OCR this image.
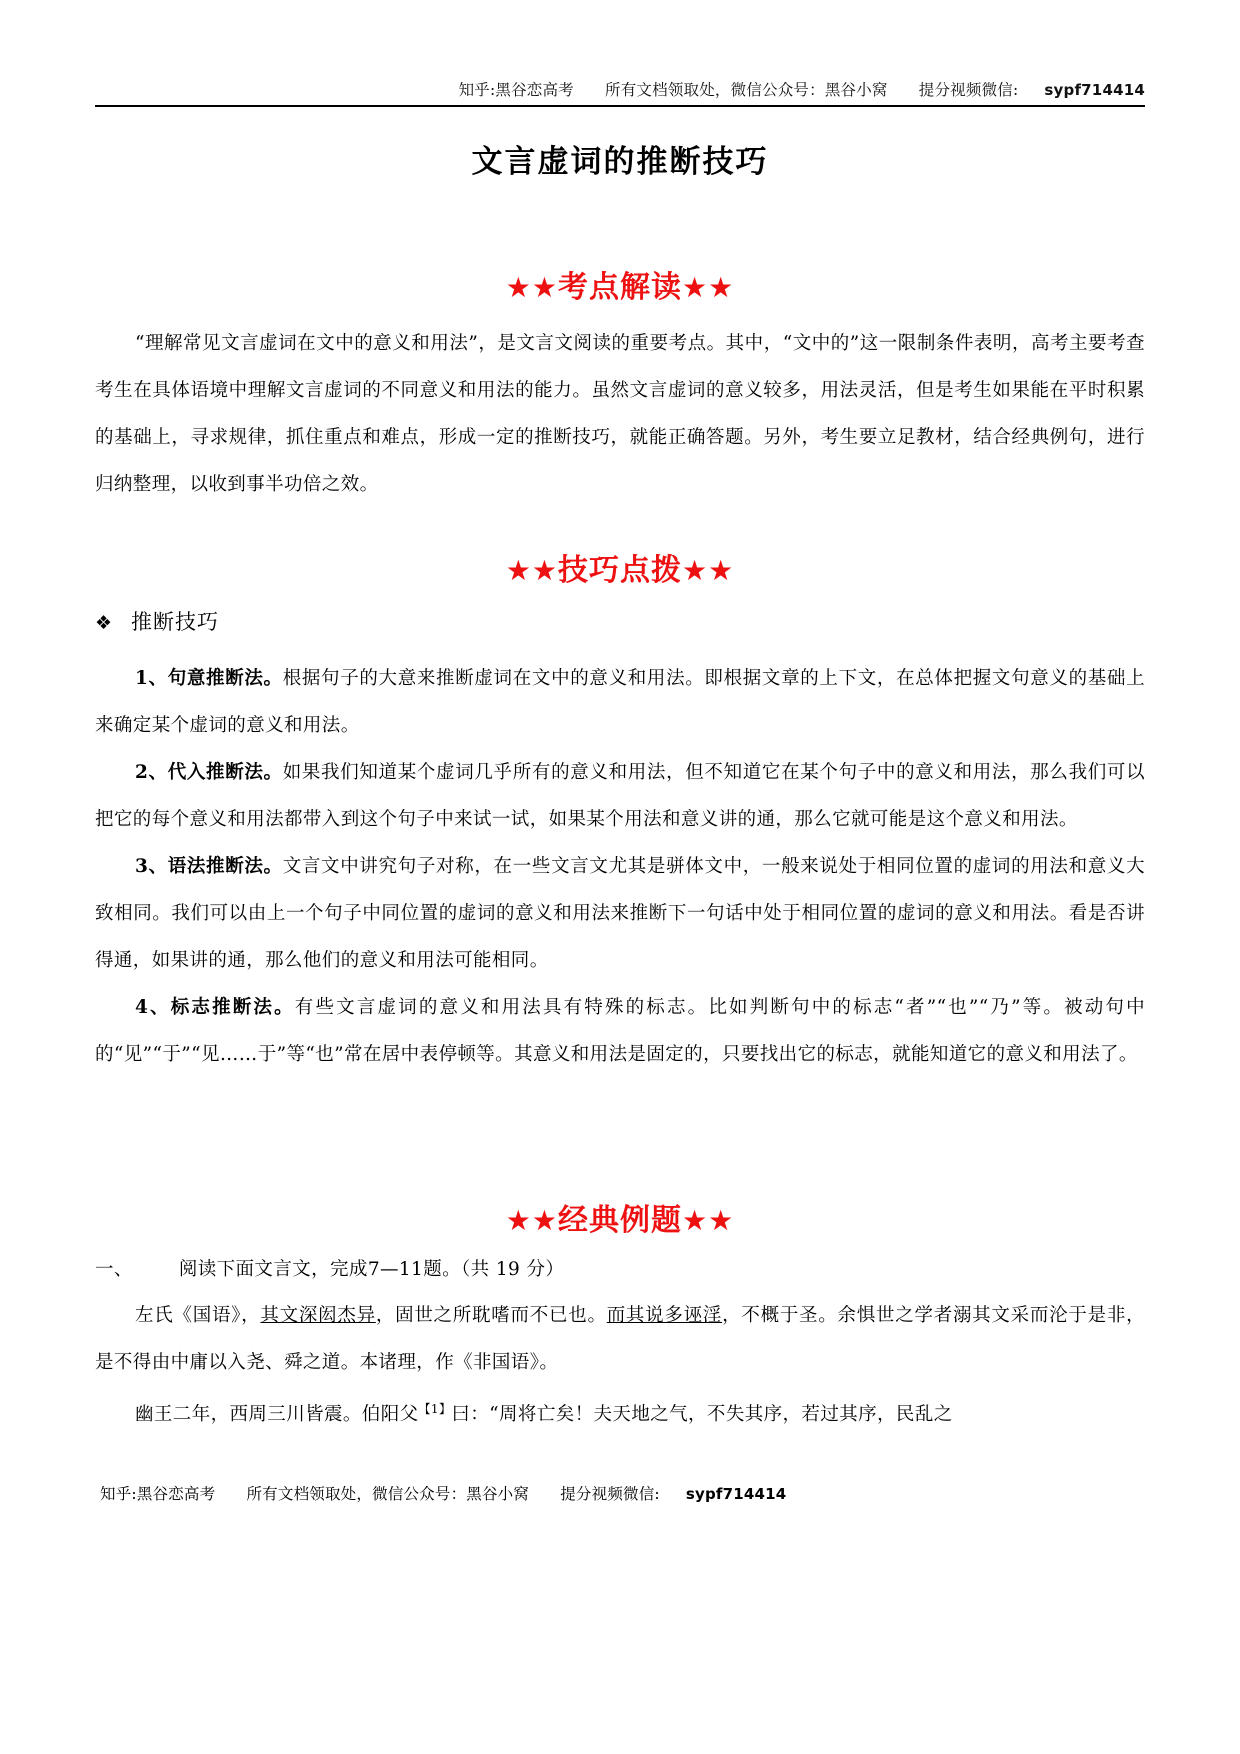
知乎:黑谷恋高考 所有文档领取处，微信公众号：黑谷小窝 提分视频微信: sypf714414
文言虚词的推断技巧
★★考点解读★★

“理解常见文言虚词在文中的意义和用法”，是文言文阅读的重要考点。其中，“文中的”这一限制条件表明，高考主要考查考生在具体语境中理解文言虚词的不同意义和用法的能力。虽然文言虚词的意义较多，用法灵活，但是考生如果能在平时积累的基础上，寻求规律，抓住重点和难点，形成一定的推断技巧，就能正确答题。另外，考生要立足教材，结合经典例句，进行归纳整理，以收到事半功倍之效。

★★技巧点拨★★
❖ 推断技巧

1、句意推断法。根据句子的大意来推断虚词在文中的意义和用法。即根据文章的上下文，在总体把握文句意义的基础上来确定某个虚词的意义和用法。

2、代入推断法。如果我们知道某个虚词几乎所有的意义和用法，但不知道它在某个句子中的意义和用法，那么我们可以把它的每个意义和用法都带入到这个句子中来试一试，如果某个用法和意义讲的通，那么它就可能是这个意义和用法。

3、语法推断法。文言文中讲究句子对称，在一些文言文尤其是骈体文中，一般来说处于相同位置的虚词的用法和意义大致相同。我们可以由上一个句子中同位置的虚词的意义和用法来推断下一句话中处于相同位置的虚词的意义和用法。看是否讲得通，如果讲的通，那么他们的意义和用法可能相同。

4、标志推断法。有些文言虚词的意义和用法具有特殊的标志。比如判断句中的标志“者”“也”“乃”等。被动句中的“见”“于”“见……于”等“也”常在居中表停顿等。其意义和用法是固定的，只要找出它的标志，就能知道它的意义和用法了。

★★经典例题★★

一、 阅读下面文言文，完成7—11题。（共 19 分）

左氏《国语》，其文深闳杰异，固世之所耽嗜而不已也。而其说多诬淫，不概于圣。余惧世之学者溺其文采而沦于是非，是不得由中庸以入尧、舜之道。本诸理，作《非国语》。

幽王二年，西周三川皆震。伯阳父$^{【1】}$曰：“周将亡矣！夫天地之气，不失其序，若过其序，民乱之

知乎:黑谷恋高考 所有文档领取处，微信公众号：黑谷小窝 提分视频微信: sypf714414
